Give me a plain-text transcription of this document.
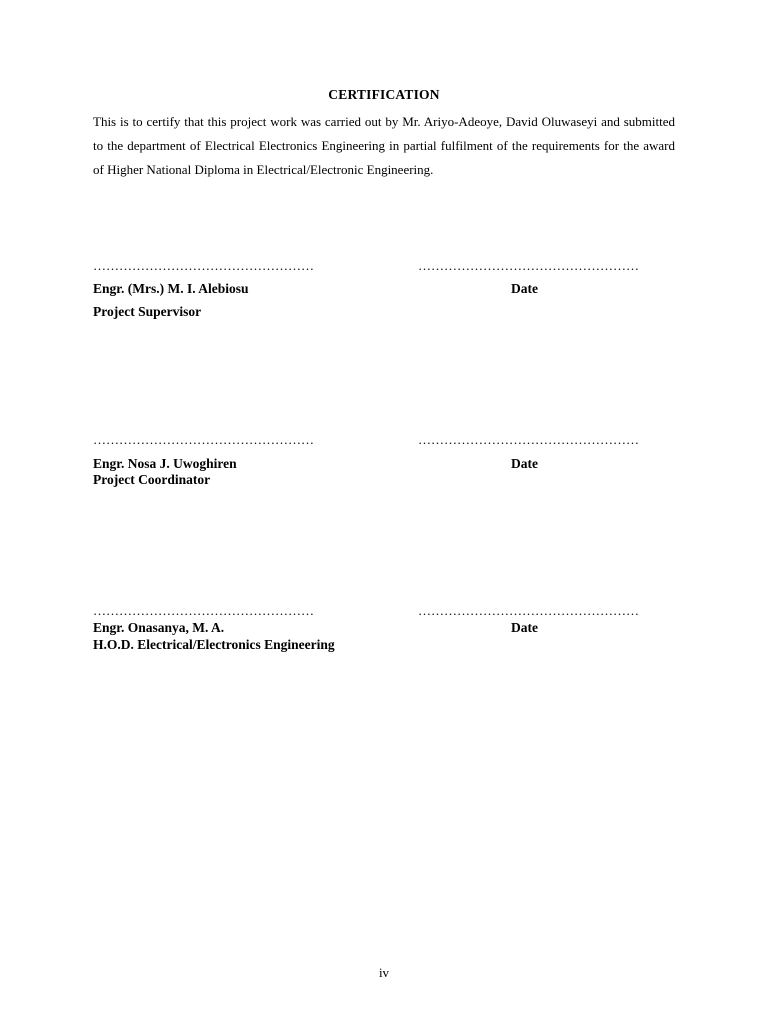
CERTIFICATION
This is to certify that this project work was carried out by Mr. Ariyo-Adeoye, David Oluwaseyi and submitted to the department of Electrical Electronics Engineering in partial fulfilment of the requirements for the award of Higher National Diploma in Electrical/Electronic Engineering.
……………………………………………	……………………………………………
Engr. (Mrs.) M. I. Alebiosu	Date
Project Supervisor
……………………………………………	……………………………………………
Engr. Nosa J. Uwoghiren	Date
Project Coordinator
……………………………………………	……………………………………………
Engr. Onasanya, M. A.	Date
H.O.D. Electrical/Electronics Engineering
iv
